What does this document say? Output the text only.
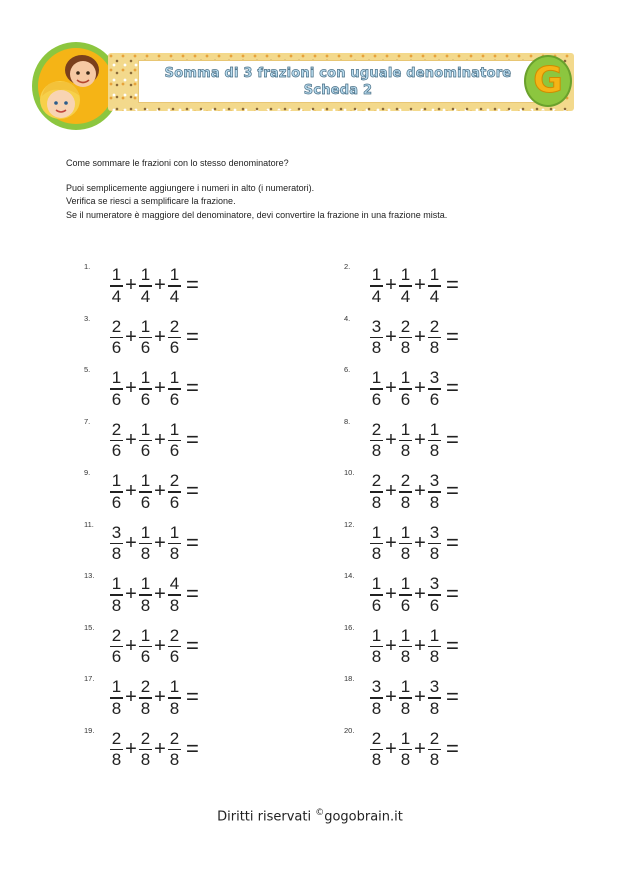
Somma di 3 frazioni con uguale denominatore
Scheda 2	G

Come sommare le frazioni con lo stesso denominatore?

Puoi semplicemente aggiungere i numeri in alto (i numeratori).

Verifica se riesci a semplificare la frazione.

Se il numeratore è maggiore del denominatore, devi convertire la frazione in una frazione mista.

1. $\frac{1}{4} + \frac{1}{4} + \frac{1}{4}$ =
2. $\frac{1}{4} + \frac{1}{4} + \frac{1}{4}$ =
3. $\frac{2}{6} + \frac{1}{6} + \frac{2}{6}$ =
4. $\frac{3}{8} + \frac{2}{8} + \frac{2}{8}$ =
5. $\frac{1}{6} + \frac{1}{6} + \frac{1}{6}$ =
6. $\frac{1}{6} + \frac{1}{6} + \frac{3}{6}$ =
7. $\frac{2}{6} + \frac{1}{6} + \frac{1}{6}$ =
8. $\frac{2}{8} + \frac{1}{8} + \frac{1}{8}$ =
9. $\frac{1}{6} + \frac{1}{6} + \frac{2}{6}$ =
10. $\frac{2}{8} + \frac{2}{8} + \frac{3}{8}$ =
11. $\frac{3}{8} + \frac{1}{8} + \frac{1}{8}$ =
12. $\frac{1}{8} + \frac{1}{8} + \frac{3}{8}$ =
13. $\frac{1}{8} + \frac{1}{8} + \frac{4}{8}$ =
14. $\frac{1}{6} + \frac{1}{6} + \frac{3}{6}$ =
15. $\frac{2}{6} + \frac{1}{6} + \frac{2}{6}$ =
16. $\frac{1}{8} + \frac{1}{8} + \frac{1}{8}$ =
17. $\frac{1}{8} + \frac{2}{8} + \frac{1}{8}$ =
18. $\frac{3}{8} + \frac{1}{8} + \frac{3}{8}$ =
19. $\frac{2}{8} + \frac{2}{8} + \frac{2}{8}$ =
20. $\frac{2}{8} + \frac{1}{8} + \frac{2}{8}$ =
Diritti riservati ©gogobrain.it
